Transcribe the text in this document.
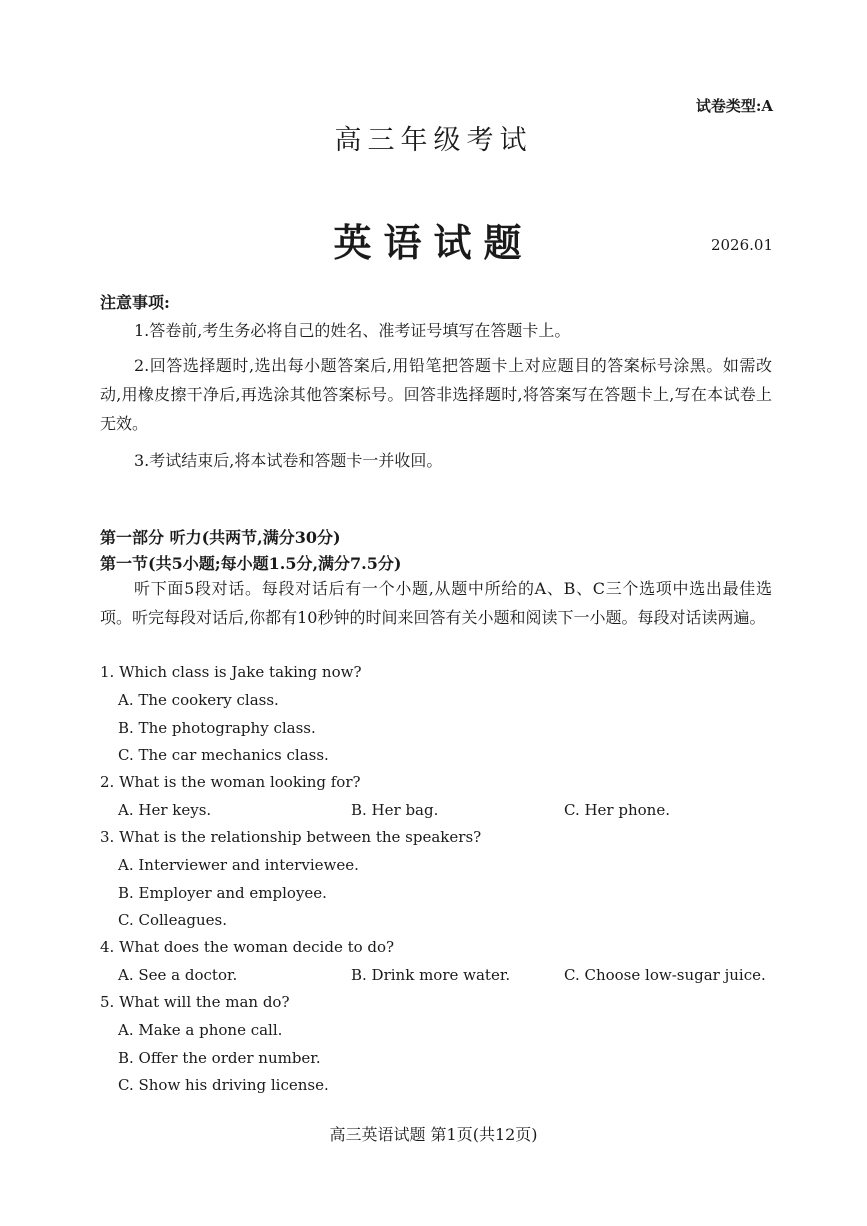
试卷类型:A
高三年级考试
英语试题	2026.01
注意事项:
1.答卷前,考生务必将自己的姓名、准考证号填写在答题卡上。
2.回答选择题时,选出每小题答案后,用铅笔把答题卡上对应题目的答案标号涂黑。如需改动,用橡皮擦干净后,再选涂其他答案标号。回答非选择题时,将答案写在答题卡上,写在本试卷上无效。
3.考试结束后,将本试卷和答题卡一并收回。
第一部分 听力(共两节,满分30分)
第一节(共5小题;每小题1.5分,满分7.5分)
听下面5段对话。每段对话后有一个小题,从题中所给的A、B、C三个选项中选出最佳选项。听完每段对话后,你都有10秒钟的时间来回答有关小题和阅读下一小题。每段对话读两遍。
1. Which class is Jake taking now?
A. The cookery class.
B. The photography class.
C. The car mechanics class.
2. What is the woman looking for?
A. Her keys.	B. Her bag.	C. Her phone.
3. What is the relationship between the speakers?
A. Interviewer and interviewee.
B. Employer and employee.
C. Colleagues.
4. What does the woman decide to do?
A. See a doctor.	B. Drink more water.	C. Choose low-sugar juice.
5. What will the man do?
A. Make a phone call.
B. Offer the order number.
C. Show his driving license.
高三英语试题 第1页(共12页)
